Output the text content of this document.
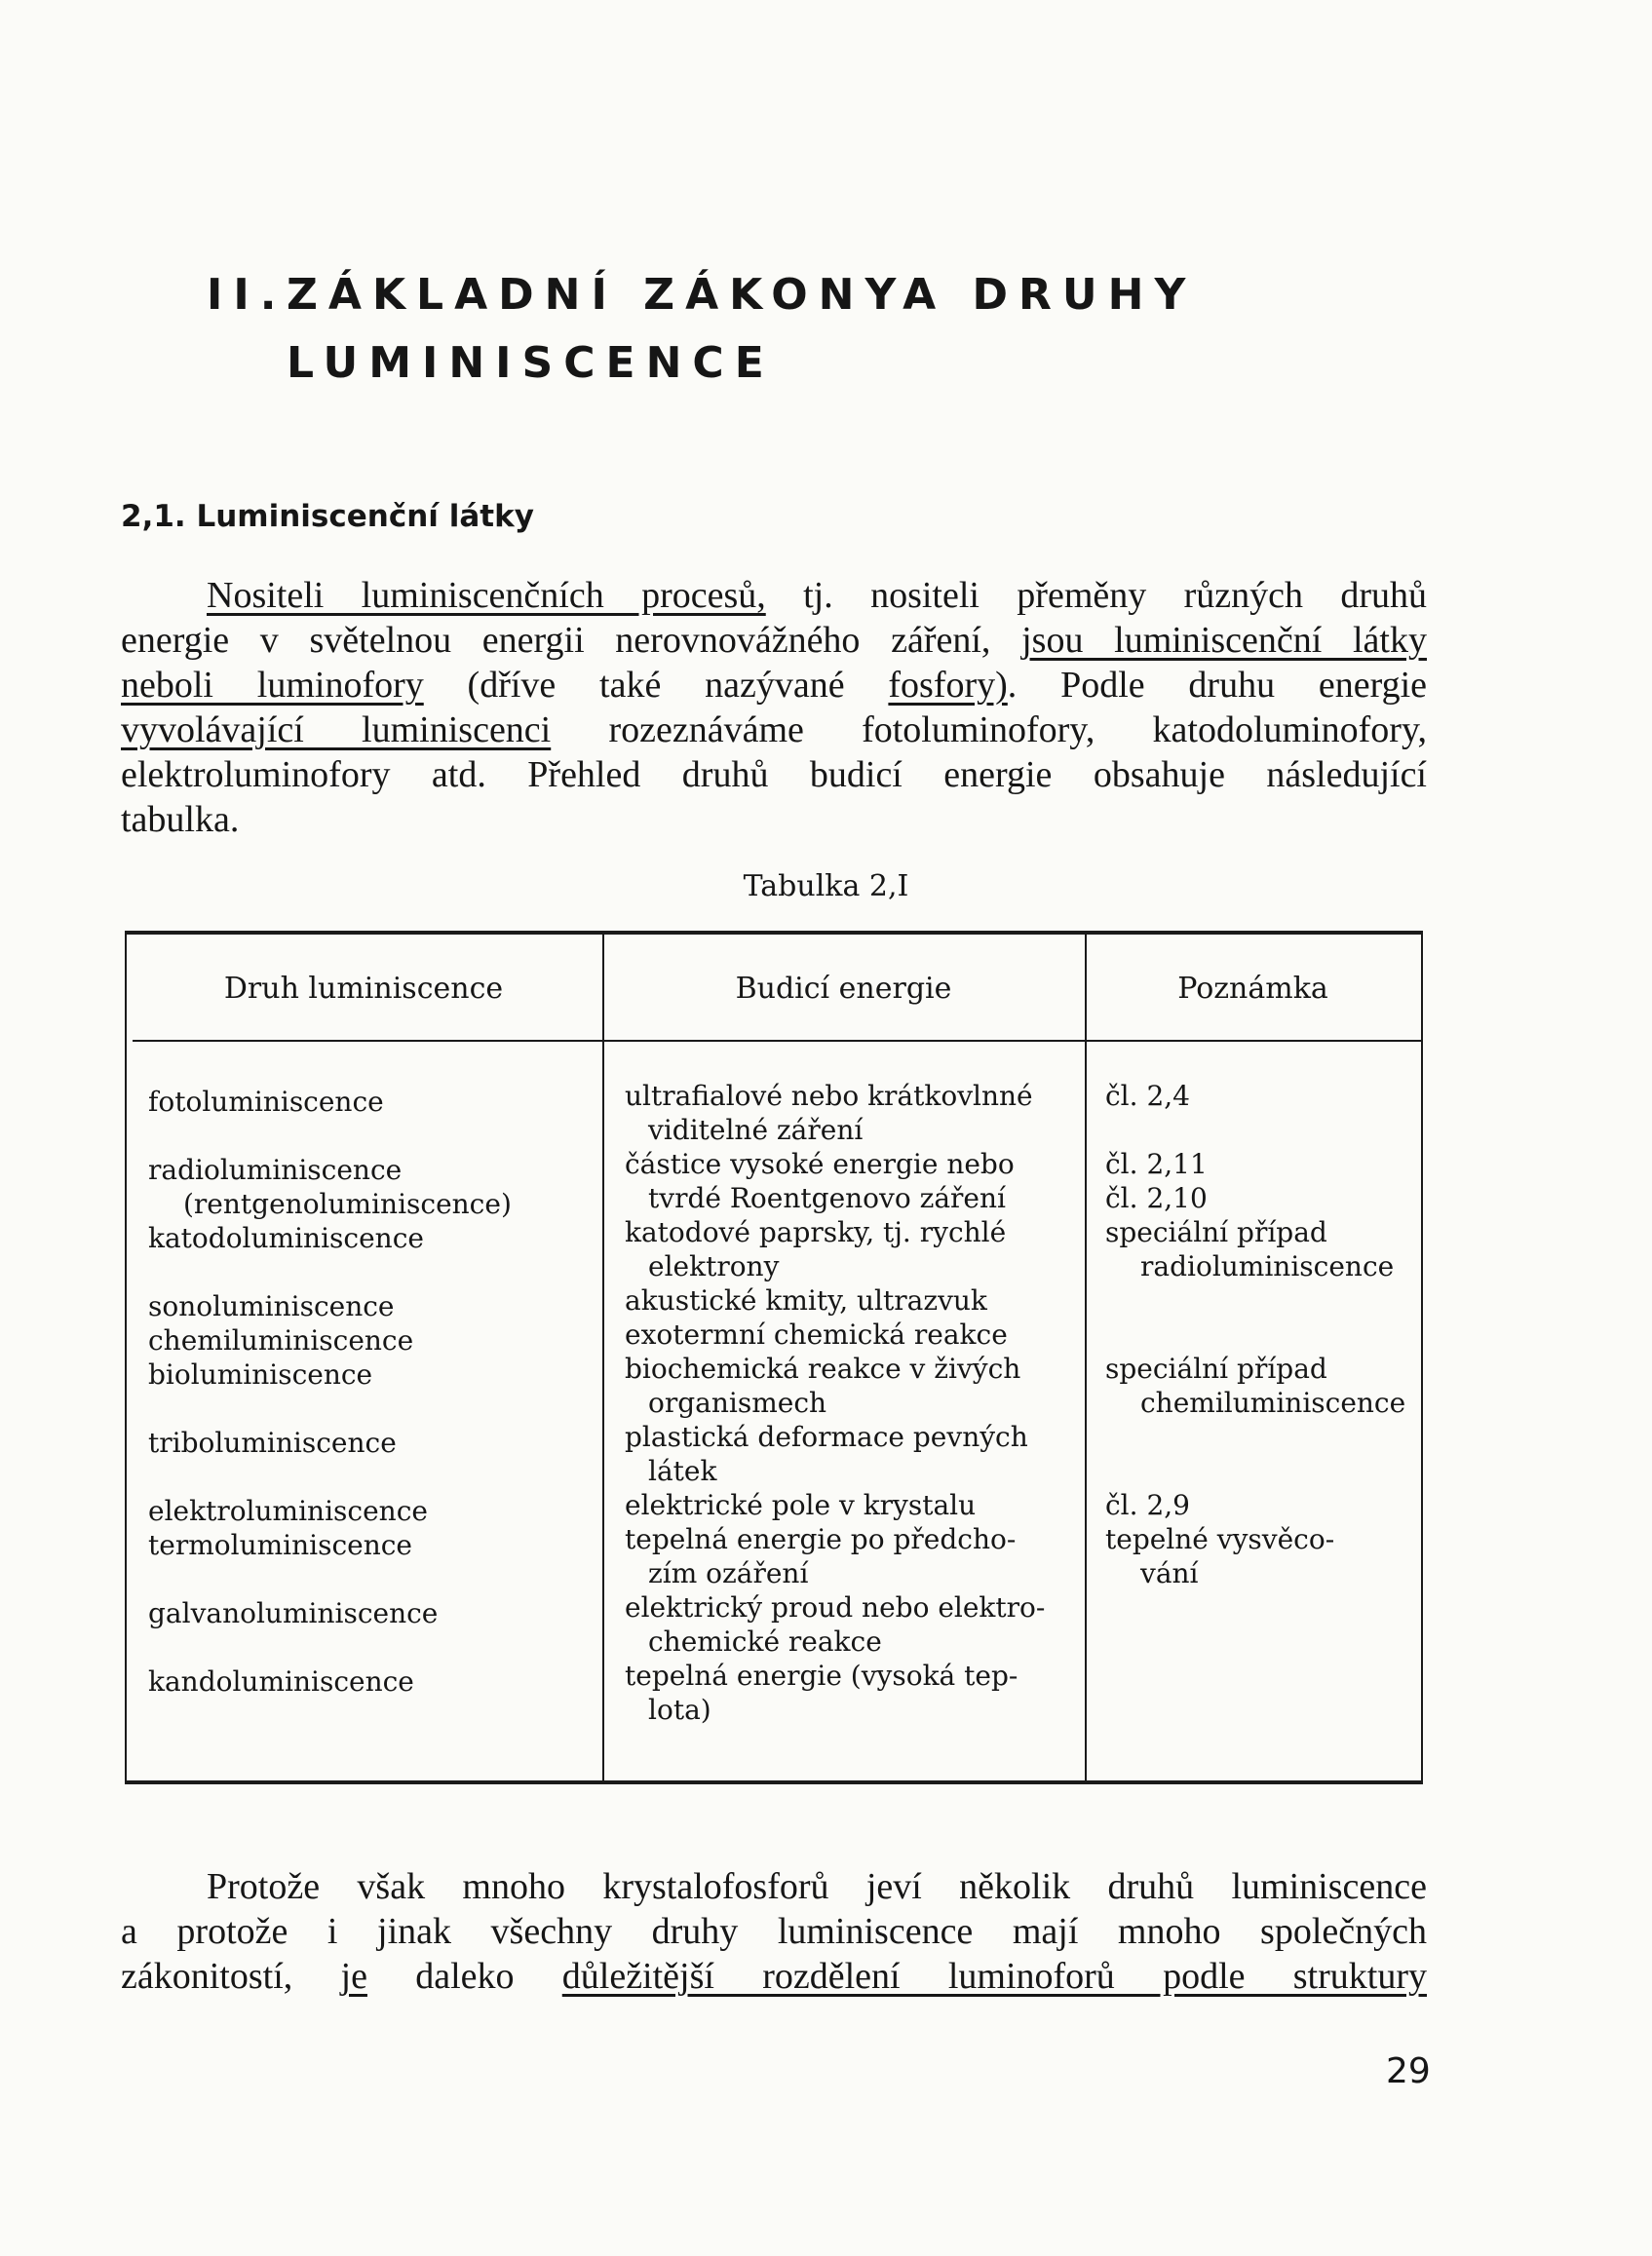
II.ZÁKLADNÍ ZÁKONYA DRUHY
LUMINISCENCE
2,1. Luminiscenční látky
Nositeli luminiscenčních procesů, tj. nositeli přeměny různých druhů
energie v světelnou energii nerovnovážného záření, jsou luminiscenční látky
neboli luminofory (dříve také nazývané fosfory). Podle druhu energie
vyvolávající luminiscenci rozeznáváme fotoluminofory, katodoluminofory,
elektroluminofory atd. Přehled druhů budicí energie obsahuje následující
tabulka.

Tabulka 2,I

Druh luminiscence	Budicí energie	Poznámka
fotoluminiscence
radioluminiscence
(rentgenoluminiscence)
katodoluminiscence
sonoluminiscence
chemiluminiscence
bioluminiscence
triboluminiscence
elektroluminiscence
termoluminiscence
galvanoluminiscence
kandoluminiscence
ultrafialové nebo krátkovlnné
viditelné záření
částice vysoké energie nebo
tvrdé Roentgenovo záření
katodové paprsky, tj. rychlé
elektrony
akustické kmity, ultrazvuk
exotermní chemická reakce
biochemická reakce v živých
organismech
plastická deformace pevných
látek
elektrické pole v krystalu
tepelná energie po předcho-
zím ozáření
elektrický proud nebo elektro-
chemické reakce
tepelná energie (vysoká tep-
lota)
čl. 2,4
čl. 2,11
čl. 2,10
speciální případ
radioluminiscence
speciální případ
chemiluminiscence
čl. 2,9
tepelné vysvěco-
vání
Protože však mnoho krystalofosforů jeví několik druhů luminiscence
a protože i jinak všechny druhy luminiscence mají mnoho společných
zákonitostí, je daleko důležitější rozdělení luminoforů podle struktury
29
